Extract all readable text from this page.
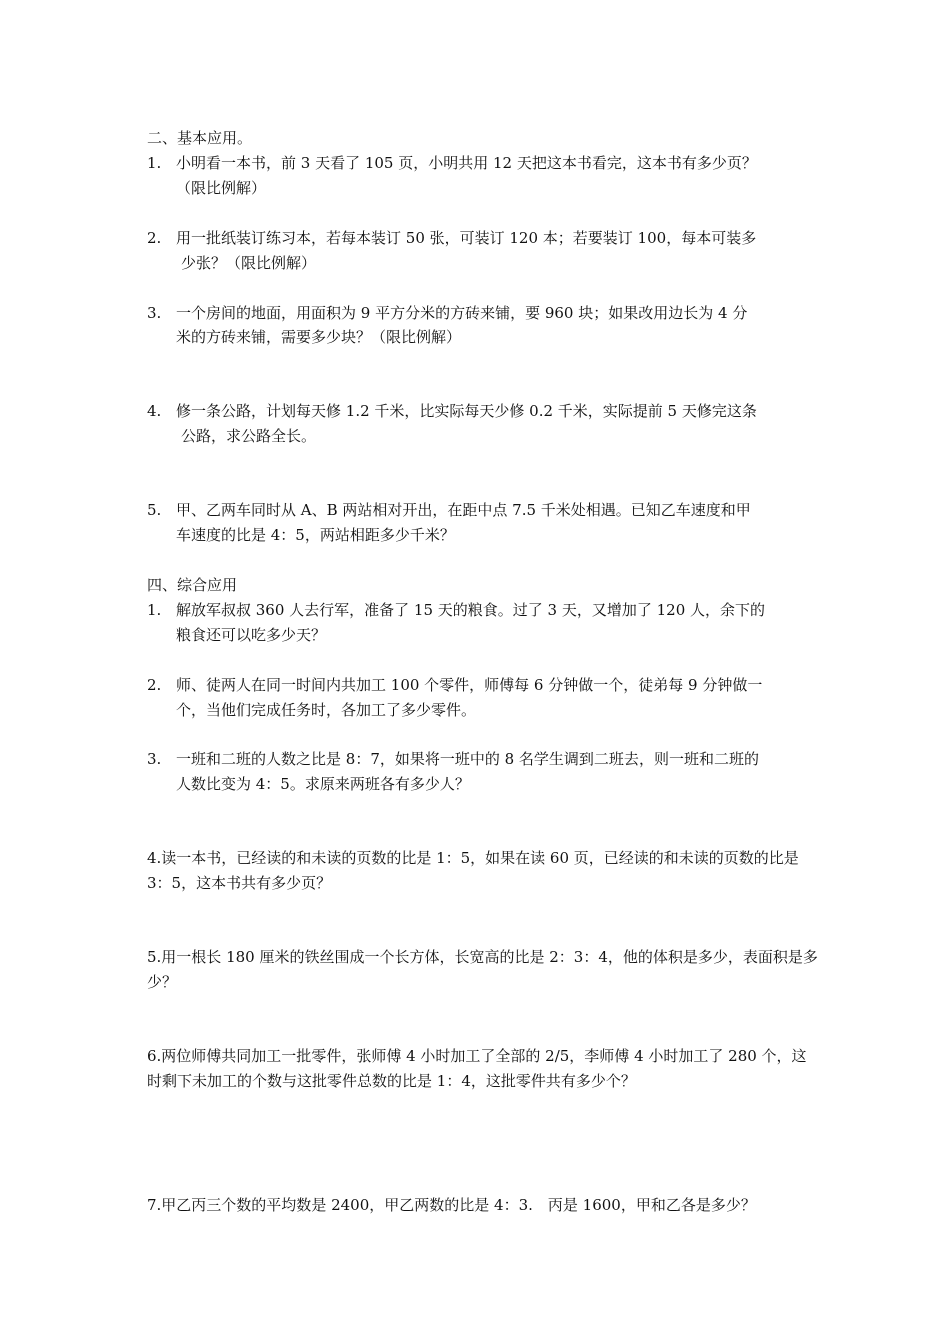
二、基本应用。
1. 小明看一本书，前 3 天看了 105 页，小明共用 12 天把这本书看完，这本书有多少页？
（限比例解）
2. 用一批纸装订练习本，若每本装订 50 张，可装订 120 本；若要装订 100，每本可装多
少张？（限比例解）
3. 一个房间的地面，用面积为 9 平方分米的方砖来铺，要 960 块；如果改用边长为 4 分
米的方砖来铺，需要多少块？（限比例解）
4. 修一条公路，计划每天修 1.2 千米，比实际每天少修 0.2 千米，实际提前 5 天修完这条
公路，求公路全长。
5. 甲、乙两车同时从 A、B 两站相对开出，在距中点 7.5 千米处相遇。已知乙车速度和甲
车速度的比是 4：5，两站相距多少千米？
四、综合应用
1. 解放军叔叔 360 人去行军，准备了 15 天的粮食。过了 3 天，又增加了 120 人，余下的
粮食还可以吃多少天？
2. 师、徒两人在同一时间内共加工 100 个零件，师傅每 6 分钟做一个，徒弟每 9 分钟做一
个，当他们完成任务时，各加工了多少零件。
3. 一班和二班的人数之比是 8：7，如果将一班中的 8 名学生调到二班去，则一班和二班的
人数比变为 4：5。求原来两班各有多少人？
4.读一本书，已经读的和未读的页数的比是 1：5，如果在读 60 页，已经读的和未读的页数的比是
3：5，这本书共有多少页？
5.用一根长 180 厘米的铁丝围成一个长方体，长宽高的比是 2：3：4，他的体积是多少，表面积是多
少？
6.两位师傅共同加工一批零件，张师傅 4 小时加工了全部的 2/5，李师傅 4 小时加工了 280 个，这
时剩下未加工的个数与这批零件总数的比是 1：4，这批零件共有多少个？
7.甲乙丙三个数的平均数是 2400，甲乙两数的比是 4：3.　丙是 1600，甲和乙各是多少？
